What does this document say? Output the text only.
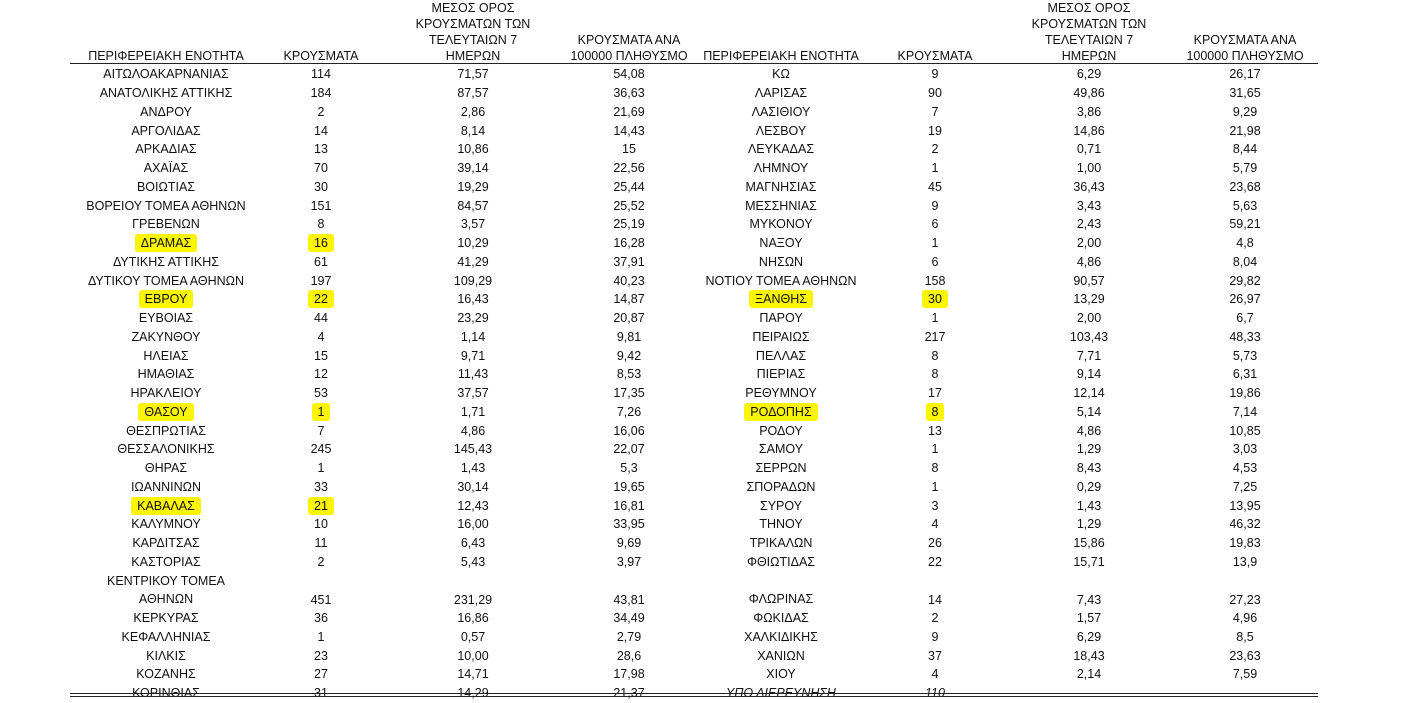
ΠΕΡΙΦΕΡΕΙΑΚΗ ΕΝΟΤΗΤΑ	ΚΡΟΥΣΜΑΤΑ
ΜΕΣΟΣ ΟΡΟΣ
ΚΡΟΥΣΜΑΤΩΝ ΤΩΝ
ΤΕΛΕΥΤΑΙΩΝ 7 ΗΜΕΡΩΝ
ΚΡΟΥΣΜΑΤΑ ΑΝΑ
100000 ΠΛΗΘΥΣΜΟ
ΑΙΤΩΛΟΑΚΑΡΝΑΝΙΑΣ	114	71,57	54,08
ΑΝΑΤΟΛΙΚΗΣ ΑΤΤΙΚΗΣ	184	87,57	36,63
ΑΝΔΡΟΥ	2	2,86	21,69
ΑΡΓΟΛΙΔΑΣ	14	8,14	14,43
ΑΡΚΑΔΙΑΣ	13	10,86	15
ΑΧΑΪΑΣ	70	39,14	22,56
ΒΟΙΩΤΙΑΣ	30	19,29	25,44
ΒΟΡΕΙΟΥ ΤΟΜΕΑ ΑΘΗΝΩΝ	151	84,57	25,52
ΓΡΕΒΕΝΩΝ	8	3,57	25,19
ΔΡΑΜΑΣ	16	10,29	16,28
ΔΥΤΙΚΗΣ ΑΤΤΙΚΗΣ	61	41,29	37,91
ΔΥΤΙΚΟΥ ΤΟΜΕΑ ΑΘΗΝΩΝ	197	109,29	40,23
ΕΒΡΟΥ	22	16,43	14,87
ΕΥΒΟΙΑΣ	44	23,29	20,87
ΖΑΚΥΝΘΟΥ	4	1,14	9,81
ΗΛΕΙΑΣ	15	9,71	9,42
ΗΜΑΘΙΑΣ	12	11,43	8,53
ΗΡΑΚΛΕΙΟΥ	53	37,57	17,35
ΘΑΣΟΥ	1	1,71	7,26
ΘΕΣΠΡΩΤΙΑΣ	7	4,86	16,06
ΘΕΣΣΑΛΟΝΙΚΗΣ	245	145,43	22,07
ΘΗΡΑΣ	1	1,43	5,3
ΙΩΑΝΝΙΝΩΝ	33	30,14	19,65
ΚΑΒΑΛΑΣ	21	12,43	16,81
ΚΑΛΥΜΝΟΥ	10	16,00	33,95
ΚΑΡΔΙΤΣΑΣ	11	6,43	9,69
ΚΑΣΤΟΡΙΑΣ	2	5,43	3,97
ΚΕΝΤΡΙΚΟΥ ΤΟΜΕΑ
ΑΘΗΝΩΝ	451	231,29	43,81
ΚΕΡΚΥΡΑΣ	36	16,86	34,49
ΚΕΦΑΛΛΗΝΙΑΣ	1	0,57	2,79
ΚΙΛΚΙΣ	23	10,00	28,6
ΚΟΖΑΝΗΣ	27	14,71	17,98
ΚΟΡΙΝΘΙΑΣ	31	14,29	21,37
ΠΕΡΙΦΕΡΕΙΑΚΗ ΕΝΟΤΗΤΑ	ΚΡΟΥΣΜΑΤΑ
ΜΕΣΟΣ ΟΡΟΣ
ΚΡΟΥΣΜΑΤΩΝ ΤΩΝ
ΤΕΛΕΥΤΑΙΩΝ 7 ΗΜΕΡΩΝ
ΚΡΟΥΣΜΑΤΑ ΑΝΑ
100000 ΠΛΗΘΥΣΜΟ
ΚΩ	9	6,29	26,17
ΛΑΡΙΣΑΣ	90	49,86	31,65
ΛΑΣΙΘΙΟΥ	7	3,86	9,29
ΛΕΣΒΟΥ	19	14,86	21,98
ΛΕΥΚΑΔΑΣ	2	0,71	8,44
ΛΗΜΝΟΥ	1	1,00	5,79
ΜΑΓΝΗΣΙΑΣ	45	36,43	23,68
ΜΕΣΣΗΝΙΑΣ	9	3,43	5,63
ΜΥΚΟΝΟΥ	6	2,43	59,21
ΝΑΞΟΥ	1	2,00	4,8
ΝΗΣΩΝ	6	4,86	8,04
ΝΟΤΙΟΥ ΤΟΜΕΑ ΑΘΗΝΩΝ	158	90,57	29,82
ΞΑΝΘΗΣ	30	13,29	26,97
ΠΑΡΟΥ	1	2,00	6,7
ΠΕΙΡΑΙΩΣ	217	103,43	48,33
ΠΕΛΛΑΣ	8	7,71	5,73
ΠΙΕΡΙΑΣ	8	9,14	6,31
ΡΕΘΥΜΝΟΥ	17	12,14	19,86
ΡΟΔΟΠΗΣ	8	5,14	7,14
ΡΟΔΟΥ	13	4,86	10,85
ΣΑΜΟΥ	1	1,29	3,03
ΣΕΡΡΩΝ	8	8,43	4,53
ΣΠΟΡΑΔΩΝ	1	0,29	7,25
ΣΥΡΟΥ	3	1,43	13,95
ΤΗΝΟΥ	4	1,29	46,32
ΤΡΙΚΑΛΩΝ	26	15,86	19,83
ΦΘΙΩΤΙΔΑΣ	22	15,71	13,9
ΦΛΩΡΙΝΑΣ	14	7,43	27,23
ΦΩΚΙΔΑΣ	2	1,57	4,96
ΧΑΛΚΙΔΙΚΗΣ	9	6,29	8,5
ΧΑΝΙΩΝ	37	18,43	23,63
ΧΙΟΥ	4	2,14	7,59
ΥΠΟ ΔΙΕΡΕΥΝΗΣΗ	110
